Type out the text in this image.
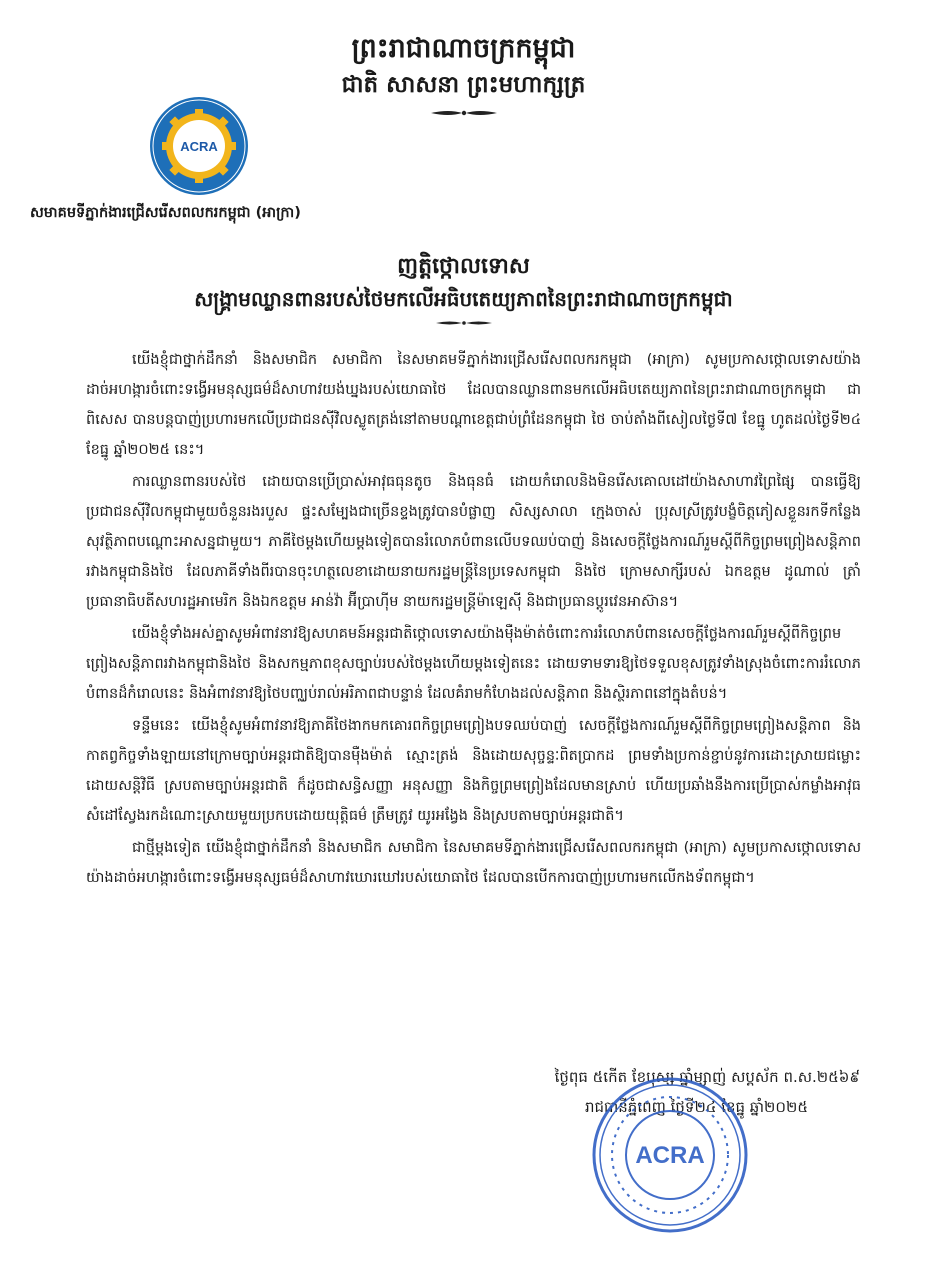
ព្រះរាជាណាចក្រកម្ពុជា
ជាតិ សាសនា ព្រះមហាក្សត្រ
ACRA
សមាគមទីភ្នាក់ងារជ្រើសរើសពលករកម្ពុជា (អាក្រា)
ញត្តិថ្កោលទោស
សង្គ្រាមឈ្លានពានរបស់ថៃមកលើអធិបតេយ្យភាពនៃព្រះរាជាណាចក្រកម្ពុជា

យើងខ្ញុំជាថ្នាក់ដឹកនាំ និងសមាជិក សមាជិកា នៃសមាគមទីភ្នាក់ងារជ្រើសរើសពលករកម្ពុជា (អាក្រា) សូមប្រកាសថ្កោលទោសយ៉ាងដាច់អហង្ការចំពោះទង្វើអមនុស្សធម៌ដ៏សាហាវយង់ឃ្នងរបស់យោធាថៃ ដែលបានឈ្លានពានមកលើអធិបតេយ្យភាពនៃព្រះរាជាណាចក្រកម្ពុជា ជាពិសេស បានបន្តបាញ់ប្រហារមកលើប្រជាជនស៊ីវិលស្លូតត្រង់នៅតាមបណ្តាខេត្តជាប់ព្រំដែនកម្ពុជា ថៃ ចាប់តាំងពីសៀលថ្ងៃទី៧ ខែធ្នូ ហូតដល់ថ្ងៃទី២៤ ខែធ្នូ ឆ្នាំ២០២៥ នេះ។

ការឈ្លានពានរបស់ថៃ ដោយបានប្រើប្រាស់អាវុធធុនតូច និងធុនធំ ដោយកំរោលនិងមិនរើសគោលដៅយ៉ាងសាហាវព្រៃផ្សៃ បានធ្វើឱ្យប្រជាជនស៊ីវិលកម្ពុជាមួយចំនួនរងរបួស ផ្ទះសម្បែងជាច្រើនខ្ទងត្រូវបានបំផ្លាញ សិស្សសាលា ក្មេងចាស់ ប្រុសស្រីត្រូវបង្ខំចិត្តភៀសខ្លួនរកទីកន្លែងសុវត្ថិភាពបណ្តោះអាសន្នជាមួយ។ ភាគីថៃម្តងហើយម្តងទៀតបានរំលោភបំពានលើបទឈប់បាញ់ និងសេចក្តីថ្លែងការណ៍រួមស្តីពីកិច្ចព្រមព្រៀងសន្តិភាពរវាងកម្ពុជានិងថៃ ដែលភាគីទាំងពីរបានចុះហត្ថលេខាដោយនាយករដ្ឋមន្ត្រីនៃប្រទេសកម្ពុជា និងថៃ ក្រោមសាក្សីរបស់ ឯកឧត្តម ដូណាល់ ត្រាំ ប្រធានាធិបតីសហរដ្ឋអាមេរិក និងឯកឧត្តម អាន់វ៉ា អ៊ីប្រាហ៊ីម នាយករដ្ឋមន្ត្រីម៉ាឡេស៊ី និងជាប្រធានប្តូរវេនអាស៊ាន។

យើងខ្ញុំទាំងអស់គ្នាសូមអំពាវនាវឱ្យសហគមន៍អន្តរជាតិថ្កោលទោសយ៉ាងម៉ឺងម៉ាត់ចំពោះការរំលោភបំពានសេចក្តីថ្លែងការណ៍រួមស្តីពីកិច្ចព្រមព្រៀងសន្តិភាពរវាងកម្ពុជានិងថៃ និងសកម្មភាពខុសច្បាប់របស់ថៃម្តងហើយម្តងទៀតនេះ ដោយទាមទារឱ្យថៃទទួលខុសត្រូវទាំងស្រុងចំពោះការរំលោភបំពានដ៏កំរោលនេះ និងអំពាវនាវឱ្យថៃបញ្ឈប់រាល់អរិភាពជាបន្ទាន់ ដែលគំរាមកំហែងដល់សន្តិភាព និងស្ថិរភាពនៅក្នុងតំបន់។

ទន្ទឹមនេះ យើងខ្ញុំសូមអំពាវនាវឱ្យភាគីថៃងាកមកគោរពកិច្ចព្រមព្រៀងបទឈប់បាញ់ សេចក្តីថ្លែងការណ៍រួមស្តីពីកិច្ចព្រមព្រៀងសន្តិភាព និងកាតព្វកិច្ចទាំងឡាយនៅក្រោមច្បាប់អន្តរជាតិឱ្យបានម៉ឺងម៉ាត់ ស្មោះត្រង់ និងដោយសុច្ចន្ទៈពិតប្រាកដ ព្រមទាំងប្រកាន់ខ្ជាប់នូវការដោះស្រាយជម្លោះដោយសន្តិវិធី ស្របតាមច្បាប់អន្តរជាតិ ក៏ដូចជាសន្ធិសញ្ញា អនុសញ្ញា និងកិច្ចព្រមព្រៀងដែលមានស្រាប់ ហើយប្រឆាំងនឹងការប្រើប្រាស់កម្លាំងអាវុធ សំដៅស្វែងរកដំណោះស្រាយមួយប្រកបដោយយុត្តិធម៌ ត្រឹមត្រូវ យូរអង្វែង និងស្របតាមច្បាប់អន្តរជាតិ។

ជាថ្មីម្តងទៀត យើងខ្ញុំជាថ្នាក់ដឹកនាំ និងសមាជិក សមាជិកា នៃសមាគមទីភ្នាក់ងារជ្រើសរើសពលករកម្ពុជា (អាក្រា) សូមប្រកាសថ្កោលទោសយ៉ាងដាច់អហង្ការចំពោះទង្វើអមនុស្សធម៌ដ៏សាហាវឃោរឃៅរបស់យោធាថៃ ដែលបានបើកការបាញ់ប្រហារមកលើកងទ័ពកម្ពុជា។

ថ្ងៃពុធ ៥កើត ខែបុស្ស ឆ្នាំម្សាញ់ សប្តស័ក ព.ស.២៥៦៩
រាជធានីភ្នំពេញ ថ្ងៃទី២៤ ខែធ្នូ ឆ្នាំ២០២៥
ACRA
